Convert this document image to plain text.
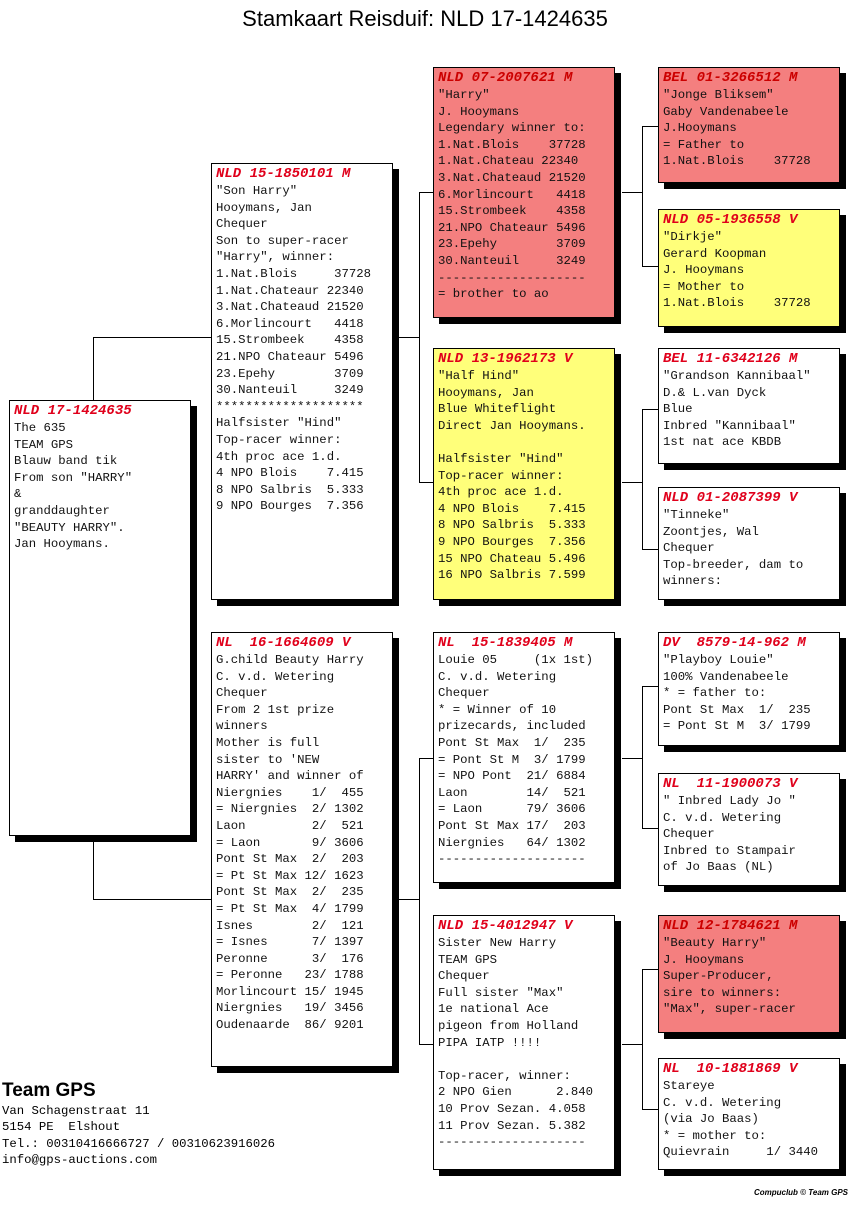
Stamkaart Reisduif: NLD 17-1424635
NLD 17-1424635
The 635
TEAM GPS
Blauw band tik
From son "HARRY"
&
granddaughter
"BEAUTY HARRY".
Jan Hooymans.
NLD 15-1850101 M
"Son Harry"
Hooymans, Jan
Chequer
Son to super-racer
"Harry", winner:
1.Nat.Blois     37728
1.Nat.Chateaur 22340
3.Nat.Chateaud 21520
6.Morlincourt   4418
15.Strombeek    4358
21.NPO Chateaur 5496
23.Epehy        3709
30.Nanteuil     3249
********************
Halfsister "Hind"
Top-racer winner:
4th proc ace 1.d.
4 NPO Blois    7.415
8 NPO Salbris  5.333
9 NPO Bourges  7.356
NL  16-1664609 V
G.child Beauty Harry
C. v.d. Wetering
Chequer
From 2 1st prize
winners
Mother is full
sister to 'NEW
HARRY' and winner of
Niergnies    1/  455
= Niergnies  2/ 1302
Laon         2/  521
= Laon       9/ 3606
Pont St Max  2/  203
= Pt St Max 12/ 1623
Pont St Max  2/  235
= Pt St Max  4/ 1799
Isnes        2/  121
= Isnes      7/ 1397
Peronne      3/  176
= Peronne   23/ 1788
Morlincourt 15/ 1945
Niergnies   19/ 3456
Oudenaarde  86/ 9201
NLD 07-2007621 M
"Harry"
J. Hooymans
Legendary winner to:
1.Nat.Blois    37728
1.Nat.Chateau 22340
3.Nat.Chateaud 21520
6.Morlincourt   4418
15.Strombeek    4358
21.NPO Chateaur 5496
23.Epehy        3709
30.Nanteuil     3249
--------------------
= brother to ao
NLD 13-1962173 V
"Half Hind"
Hooymans, Jan
Blue Whiteflight
Direct Jan Hooymans.

Halfsister "Hind"
Top-racer winner:
4th proc ace 1.d.
4 NPO Blois    7.415
8 NPO Salbris  5.333
9 NPO Bourges  7.356
15 NPO Chateau 5.496
16 NPO Salbris 7.599
NL  15-1839405 M
Louie 05     (1x 1st)
C. v.d. Wetering
Chequer
* = Winner of 10
prizecards, included
Pont St Max  1/  235
= Pont St M  3/ 1799
= NPO Pont  21/ 6884
Laon        14/  521
= Laon      79/ 3606
Pont St Max 17/  203
Niergnies   64/ 1302
--------------------
NLD 15-4012947 V
Sister New Harry
TEAM GPS
Chequer
Full sister "Max"
1e national Ace
pigeon from Holland
PIPA IATP !!!!

Top-racer, winner:
2 NPO Gien      2.840
10 Prov Sezan. 4.058
11 Prov Sezan. 5.382
--------------------
BEL 01-3266512 M
"Jonge Bliksem"
Gaby Vandenabeele
J.Hooymans
= Father to
1.Nat.Blois    37728
NLD 05-1936558 V
"Dirkje"
Gerard Koopman
J. Hooymans
= Mother to
1.Nat.Blois    37728
BEL 11-6342126 M
"Grandson Kannibaal"
D.& L.van Dyck
Blue
Inbred "Kannibaal"
1st nat ace KBDB
NLD 01-2087399 V
"Tinneke"
Zoontjes, Wal
Chequer
Top-breeder, dam to
winners:
DV  8579-14-962 M
"Playboy Louie"
100% Vandenabeele
* = father to:
Pont St Max  1/  235
= Pont St M  3/ 1799
NL  11-1900073 V
" Inbred Lady Jo "
C. v.d. Wetering
Chequer
Inbred to Stampair
of Jo Baas (NL)
NLD 12-1784621 M
"Beauty Harry"
J. Hooymans
Super-Producer,
sire to winners:
"Max", super-racer
NL  10-1881869 V
Stareye
C. v.d. Wetering
(via Jo Baas)
* = mother to:
Quievrain     1/ 3440
Team GPS
Van Schagenstraat 11
5154 PE  Elshout
Tel.: 00310416666727 / 00310623916026
info@gps-auctions.com
Compuclub © Team GPS
